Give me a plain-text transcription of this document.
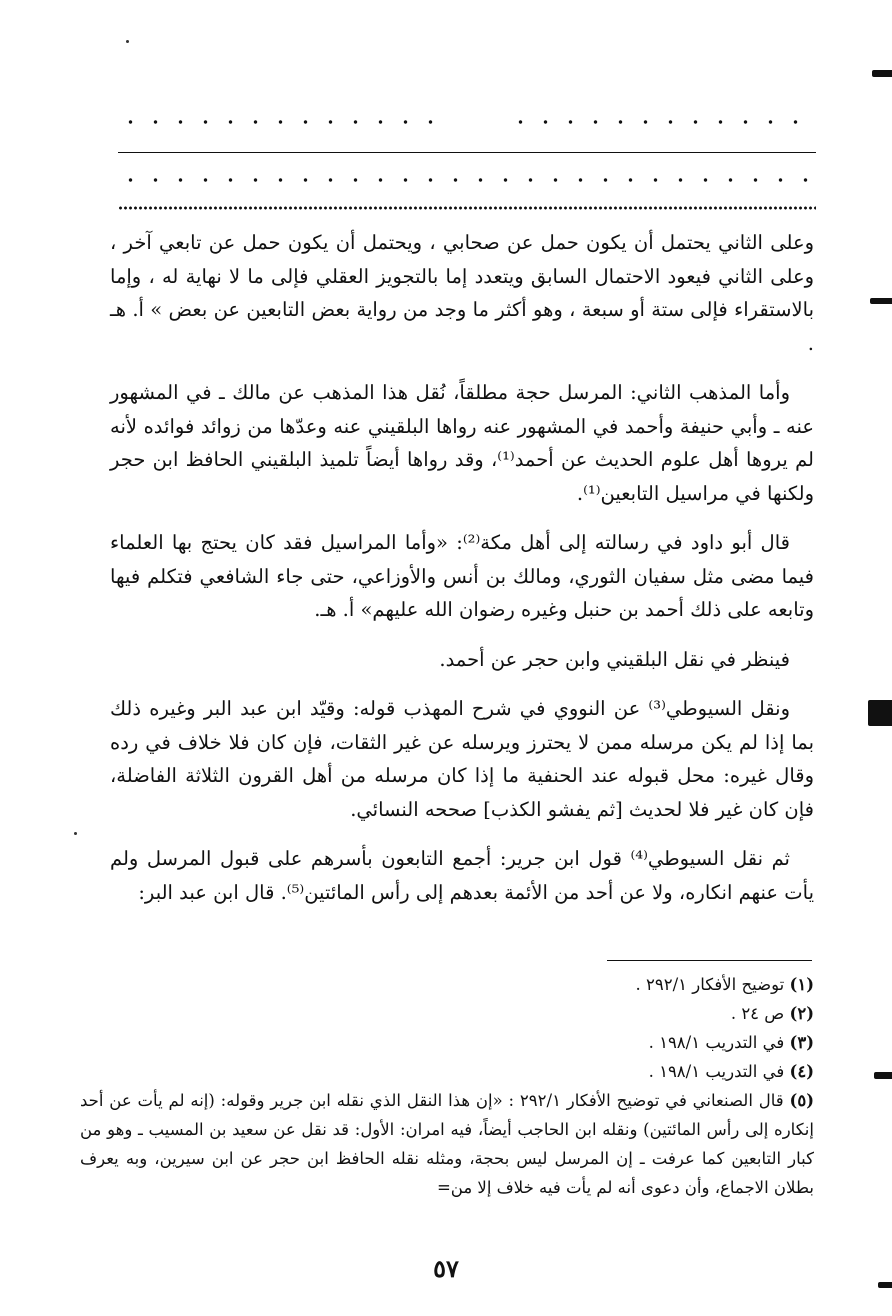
وعلى الثاني يحتمل أن يكون حمل عن صحابي ، ويحتمل أن يكون حمل عن تابعي آخر ، وعلى الثاني فيعود الاحتمال السابق ويتعدد إما بالتجويز العقلي فإلى ما لا نهاية له ، وإما بالاستقراء فإلى ستة أو سبعة ، وهو أكثر ما وجد من رواية بعض التابعين عن بعض » أ. هـ .

وأما المذهب الثاني: المرسل حجة مطلقاً، نُقل هذا المذهب عن مالك ـ في المشهور عنه ـ وأبي حنيفة وأحمد في المشهور عنه رواها البلقيني عنه وعدّها من زوائد فوائده لأنه لم يروها أهل علوم الحديث عن أحمد⁽¹⁾، وقد رواها أيضاً تلميذ البلقيني الحافظ ابن حجر ولكنها في مراسيل التابعين⁽¹⁾.

قال أبو داود في رسالته إلى أهل مكة⁽²⁾: «وأما المراسيل فقد كان يحتج بها العلماء فيما مضى مثل سفيان الثوري، ومالك بن أنس والأوزاعي، حتى جاء الشافعي فتكلم فيها وتابعه على ذلك أحمد بن حنبل وغيره رضوان الله عليهم» أ. هـ.

فينظر في نقل البلقيني وابن حجر عن أحمد.

ونقل السيوطي⁽³⁾ عن النووي في شرح المهذب قوله: وقيّد ابن عبد البر وغيره ذلك بما إذا لم يكن مرسله ممن لا يحترز ويرسله عن غير الثقات، فإن كان فلا خلاف في رده وقال غيره: محل قبوله عند الحنفية ما إذا كان مرسله من أهل القرون الثلاثة الفاضلة، فإن كان غير فلا لحديث [ثم يفشو الكذب] صححه النسائي.

ثم نقل السيوطي⁽⁴⁾ قول ابن جرير: أجمع التابعون بأسرهم على قبول المرسل ولم يأت عنهم انكاره، ولا عن أحد من الأئمة بعدهم إلى رأس المائتين⁽⁵⁾. قال ابن عبد البر:

(١) توضيح الأفكار ٢٩٢/١ .

(٢) ص ٢٤ .

(٣) في التدريب ١٩٨/١ .

(٤) في التدريب ١٩٨/١ .

(٥) قال الصنعاني في توضيح الأفكار ٢٩٢/١ : «إن هذا النقل الذي نقله ابن جرير وقوله: (إنه لم يأت عن أحد إنكاره إلى رأس المائتين) ونقله ابن الحاجب أيضاً، فيه امران: الأول: قد نقل عن سعيد بن المسيب ـ وهو من كبار التابعين كما عرفت ـ إن المرسل ليس بحجة، ومثله نقله الحافظ ابن حجر عن ابن سيرين، وبه يعرف بطلان الاجماع، وأن دعوى أنه لم يأت فيه خلاف إلا من=

٥٧
